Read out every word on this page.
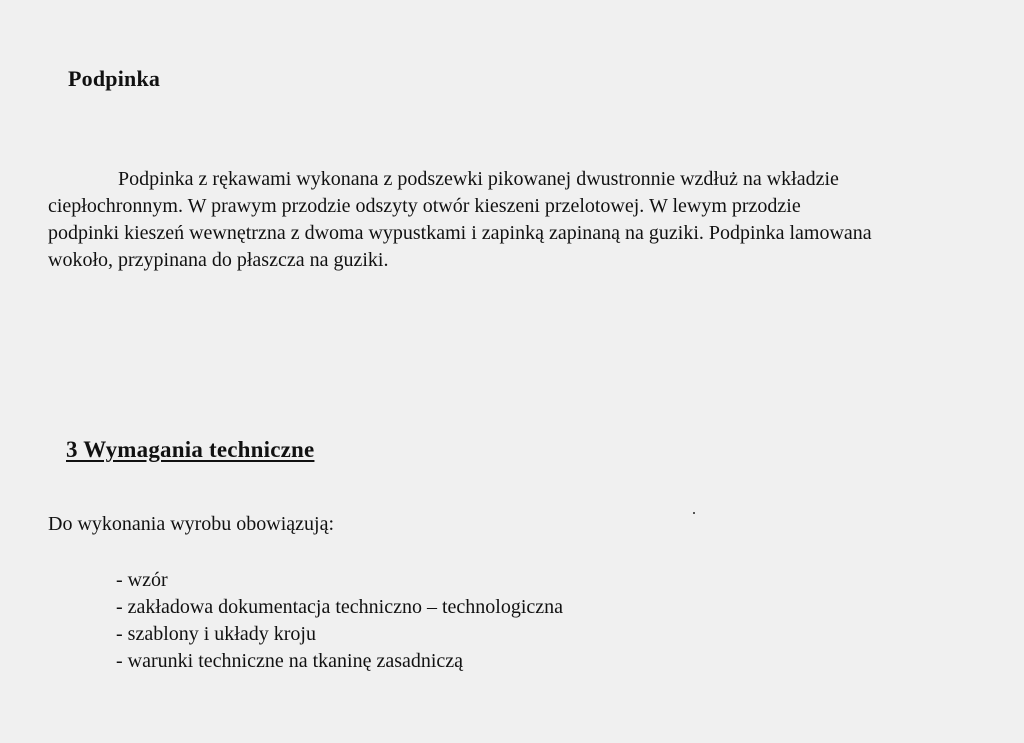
Podpinka
Podpinka z rękawami wykonana z podszewki pikowanej dwustronnie wzdłuż na wkładzie
ciepłochronnym. W prawym przodzie odszyty otwór kieszeni przelotowej. W lewym przodzie
podpinki kieszeń wewnętrzna z dwoma wypustkami i zapinką zapinaną na guziki. Podpinka lamowana
wokoło, przypinana do płaszcza na guziki.
3 Wymagania techniczne
Do wykonania wyrobu obowiązują:
- wzór
- zakładowa dokumentacja techniczno – technologiczna
- szablony i układy kroju
- warunki techniczne na tkaninę zasadniczą
